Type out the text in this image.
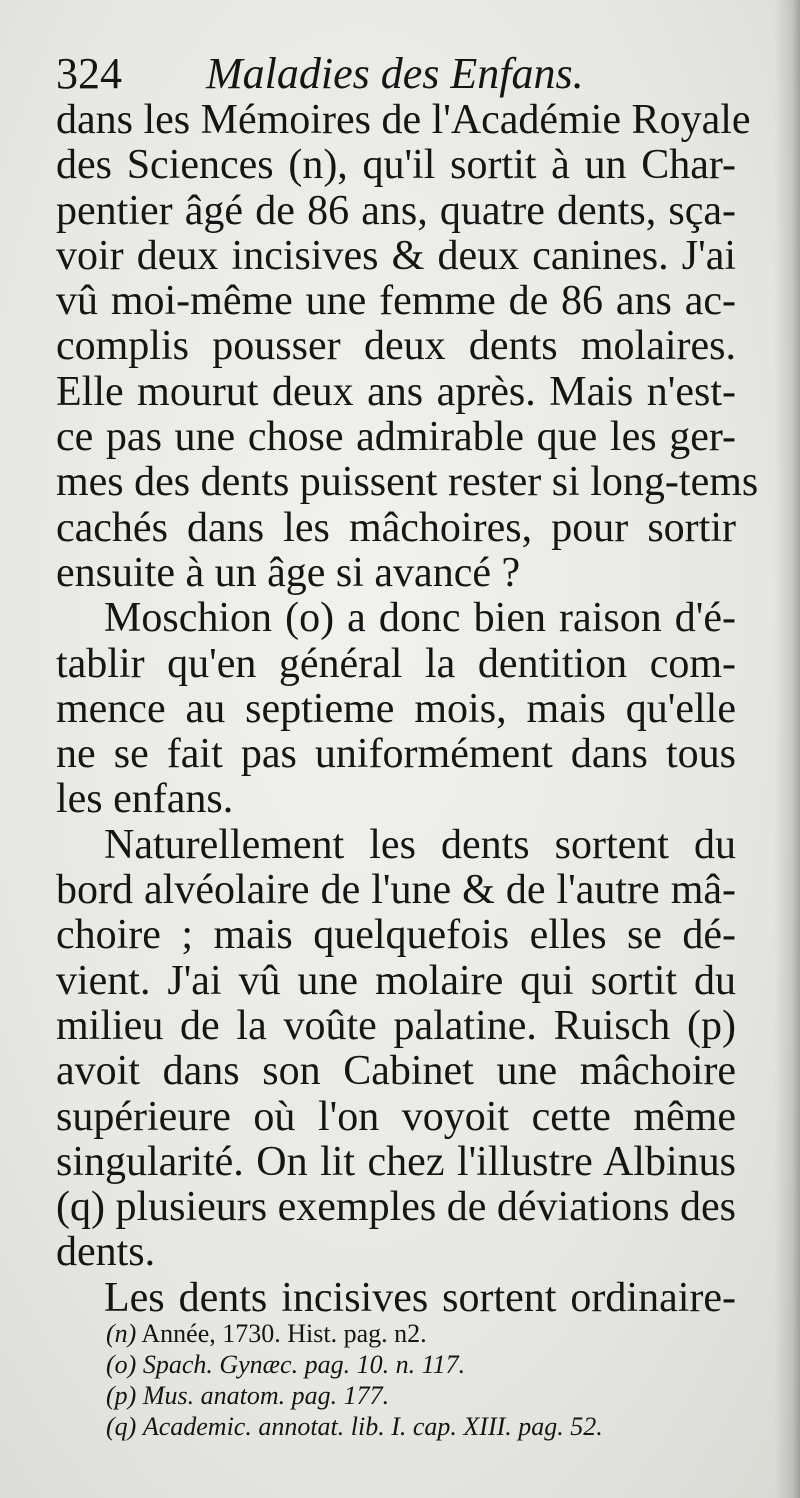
324 Maladies des Enfans.
dans les Mémoires de l'Académie Royale
des Sciences (n), qu'il sortit à un Char-
pentier âgé de 86 ans, quatre dents, sça-
voir deux incisives & deux canines. J'ai
vû moi-même une femme de 86 ans ac-
complis pousser deux dents molaires.
Elle mourut deux ans après. Mais n'est-
ce pas une chose admirable que les ger-
mes des dents puissent rester si long-tems
cachés dans les mâchoires, pour sortir
ensuite à un âge si avancé ?
Moschion (o) a donc bien raison d'é-
tablir qu'en général la dentition com-
mence au septieme mois, mais qu'elle
ne se fait pas uniformément dans tous
les enfans.
Naturellement les dents sortent du
bord alvéolaire de l'une & de l'autre mâ-
choire ; mais quelquefois elles se dé-
vient. J'ai vû une molaire qui sortit du
milieu de la voûte palatine. Ruisch (p)
avoit dans son Cabinet une mâchoire
supérieure où l'on voyoit cette même
singularité. On lit chez l'illustre Albinus
(q) plusieurs exemples de déviations des
dents.
Les dents incisives sortent ordinaire-
(n) Année, 1730. Hist. pag. n2.
(o) Spach. Gynæc. pag. 10. n. 117.
(p) Mus. anatom. pag. 177.
(q) Academic. annotat. lib. I. cap. XIII. pag. 52.
